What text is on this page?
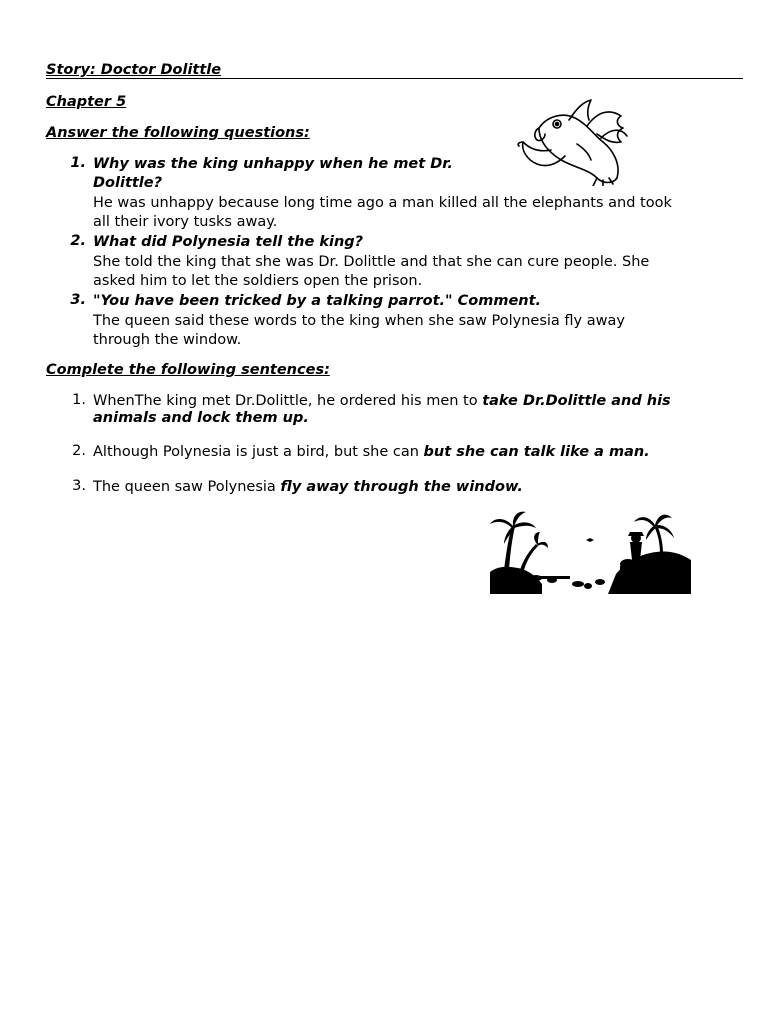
Story: Doctor Dolittle
Chapter 5
Answer the following questions:
1. Why was the king unhappy when he met Dr.
Dolittle?
He was unhappy because long time ago a man killed all the elephants and took
all their ivory tusks away.
2. What did Polynesia tell the king?
She told the king that she was Dr. Dolittle and that she can cure people. She
asked him to let the soldiers open the prison.
3. "You have been tricked by a talking parrot." Comment.
The queen said these words to the king when she saw Polynesia fly away
through the window.
Complete the following sentences:
1. WhenThe king met Dr.Dolittle, he ordered his men to take Dr.Dolittle and his
animals and lock them up.
2. Although Polynesia is just a bird, but she can but she can talk like a man.
3. The queen saw Polynesia fly away through the window.
